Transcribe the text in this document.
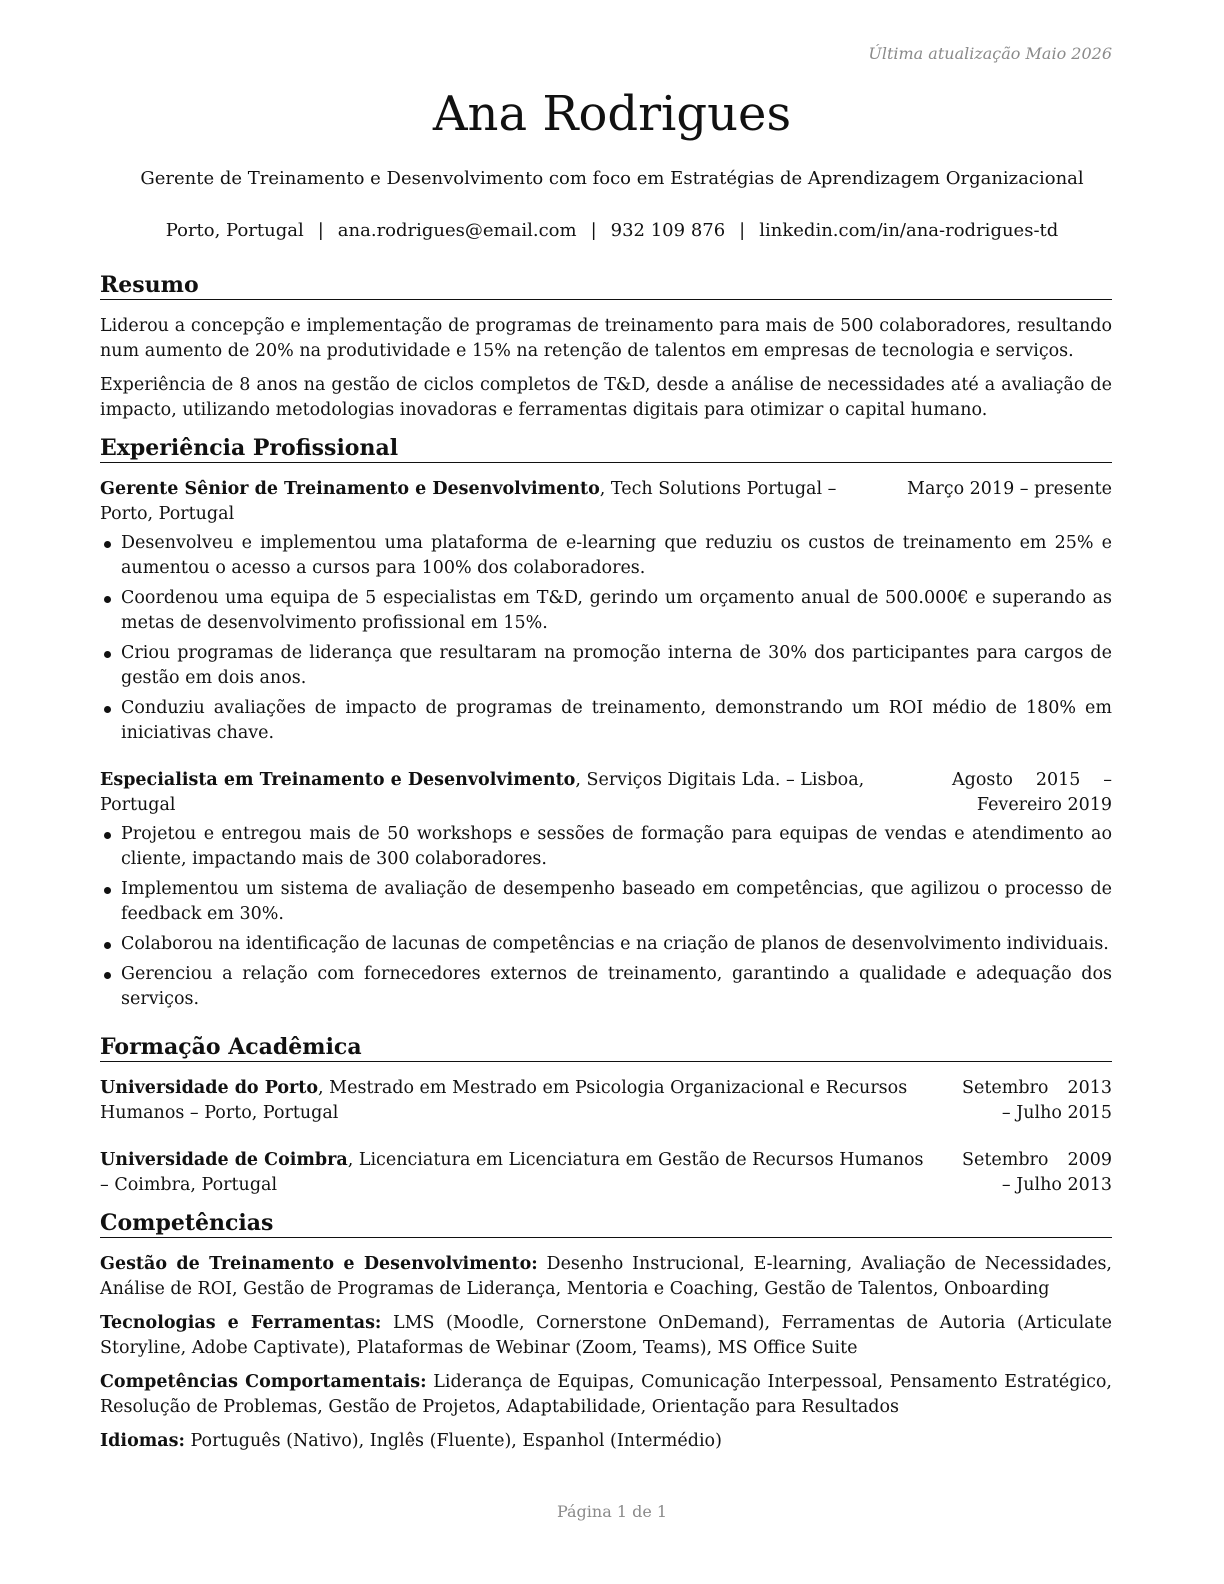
Última atualização Maio 2026
Ana Rodrigues
Gerente de Treinamento e Desenvolvimento com foco em Estratégias de Aprendizagem Organizacional
Porto, Portugal | ana.rodrigues@email.com | 932 109 876 | linkedin.com/in/ana-rodrigues-td
Resumo

Liderou a concepção e implementação de programas de treinamento para mais de 500 colaboradores, resultando num aumento de 20% na produtividade e 15% na retenção de talentos em empresas de tecnologia e serviços.

Experiência de 8 anos na gestão de ciclos completos de T&D, desde a análise de necessidades até a avaliação de impacto, utilizando metodologias inovadoras e ferramentas digitais para otimizar o capital humano.

Experiência Profissional
Gerente Sênior de Treinamento e Desenvolvimento, Tech Solutions Portugal – Porto, Portugal
Março 2019 – presente
Desenvolveu e implementou uma plataforma de e-learning que reduziu os custos de treinamento em 25% e aumentou o acesso a cursos para 100% dos colaboradores.
Coordenou uma equipa de 5 especialistas em T&D, gerindo um orçamento anual de 500.000€ e superando as metas de desenvolvimento profissional em 15%.
Criou programas de liderança que resultaram na promoção interna de 30% dos participantes para cargos de gestão em dois anos.
Conduziu avaliações de impacto de programas de treinamento, demonstrando um ROI médio de 180% em iniciativas chave.
Especialista em Treinamento e Desenvolvimento, Serviços Digitais Lda. – Lisboa, Portugal
Agosto 2015 – Fevereiro 2019
Projetou e entregou mais de 50 workshops e sessões de formação para equipas de vendas e atendimento ao cliente, impactando mais de 300 colaboradores.
Implementou um sistema de avaliação de desempenho baseado em competências, que agilizou o processo de feedback em 30%.
Colaborou na identificação de lacunas de competências e na criação de planos de desenvolvimento individuais.
Gerenciou a relação com fornecedores externos de treinamento, garantindo a qualidade e adequação dos serviços.
Formação Acadêmica
Universidade do Porto, Mestrado em Mestrado em Psicologia Organizacional e Recursos Humanos – Porto, Portugal
Setembro 2013 – Julho 2015
Universidade de Coimbra, Licenciatura em Licenciatura em Gestão de Recursos Humanos – Coimbra, Portugal
Setembro 2009 – Julho 2013
Competências
Gestão de Treinamento e Desenvolvimento: Desenho Instrucional, E-learning, Avaliação de Necessidades, Análise de ROI, Gestão de Programas de Liderança, Mentoria e Coaching, Gestão de Talentos, Onboarding
Tecnologias e Ferramentas: LMS (Moodle, Cornerstone OnDemand), Ferramentas de Autoria (Articulate Storyline, Adobe Captivate), Plataformas de Webinar (Zoom, Teams), MS Office Suite
Competências Comportamentais: Liderança de Equipas, Comunicação Interpessoal, Pensamento Estratégico, Resolução de Problemas, Gestão de Projetos, Adaptabilidade, Orientação para Resultados
Idiomas: Português (Nativo), Inglês (Fluente), Espanhol (Intermédio)
Página 1 de 1
